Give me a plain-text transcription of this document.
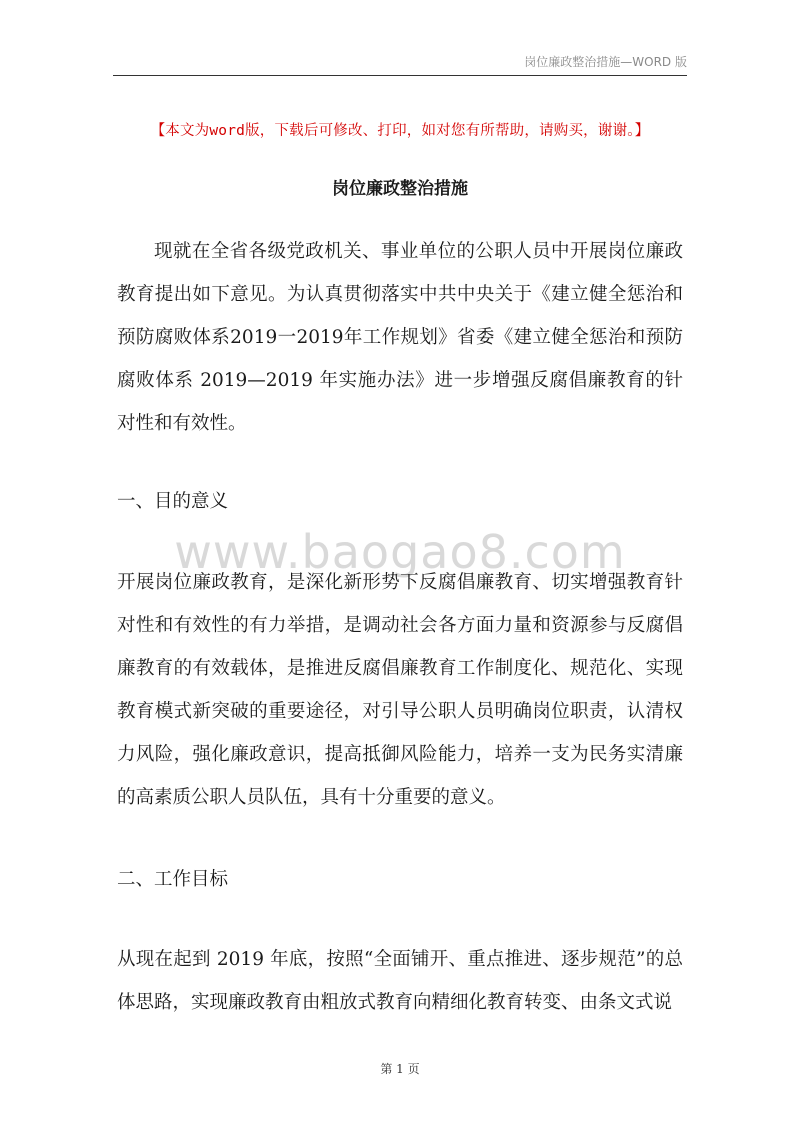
岗位廉政整治措施—WORD 版
【本文为word版，下载后可修改、打印，如对您有所帮助，请购买，谢谢。】
岗位廉政整治措施
现就在全省各级党政机关、事业单位的公职人员中开展岗位廉政教育提出如下意见。为认真贯彻落实中共中央关于《建立健全惩治和预防腐败体系2019一2019年工作规划》省委《建立健全惩治和预防腐败体系 2019—2019 年实施办法》进一步增强反腐倡廉教育的针对性和有效性。
一、目的意义
www.baogao8.com
开展岗位廉政教育，是深化新形势下反腐倡廉教育、切实增强教育针对性和有效性的有力举措，是调动社会各方面力量和资源参与反腐倡廉教育的有效载体，是推进反腐倡廉教育工作制度化、规范化、实现教育模式新突破的重要途径，对引导公职人员明确岗位职责，认清权力风险，强化廉政意识，提高抵御风险能力，培养一支为民务实清廉的高素质公职人员队伍，具有十分重要的意义。
二、工作目标
从现在起到 2019 年底，按照“全面铺开、重点推进、逐步规范”的总体思路，实现廉政教育由粗放式教育向精细化教育转变、由条文式说
第 1 页
